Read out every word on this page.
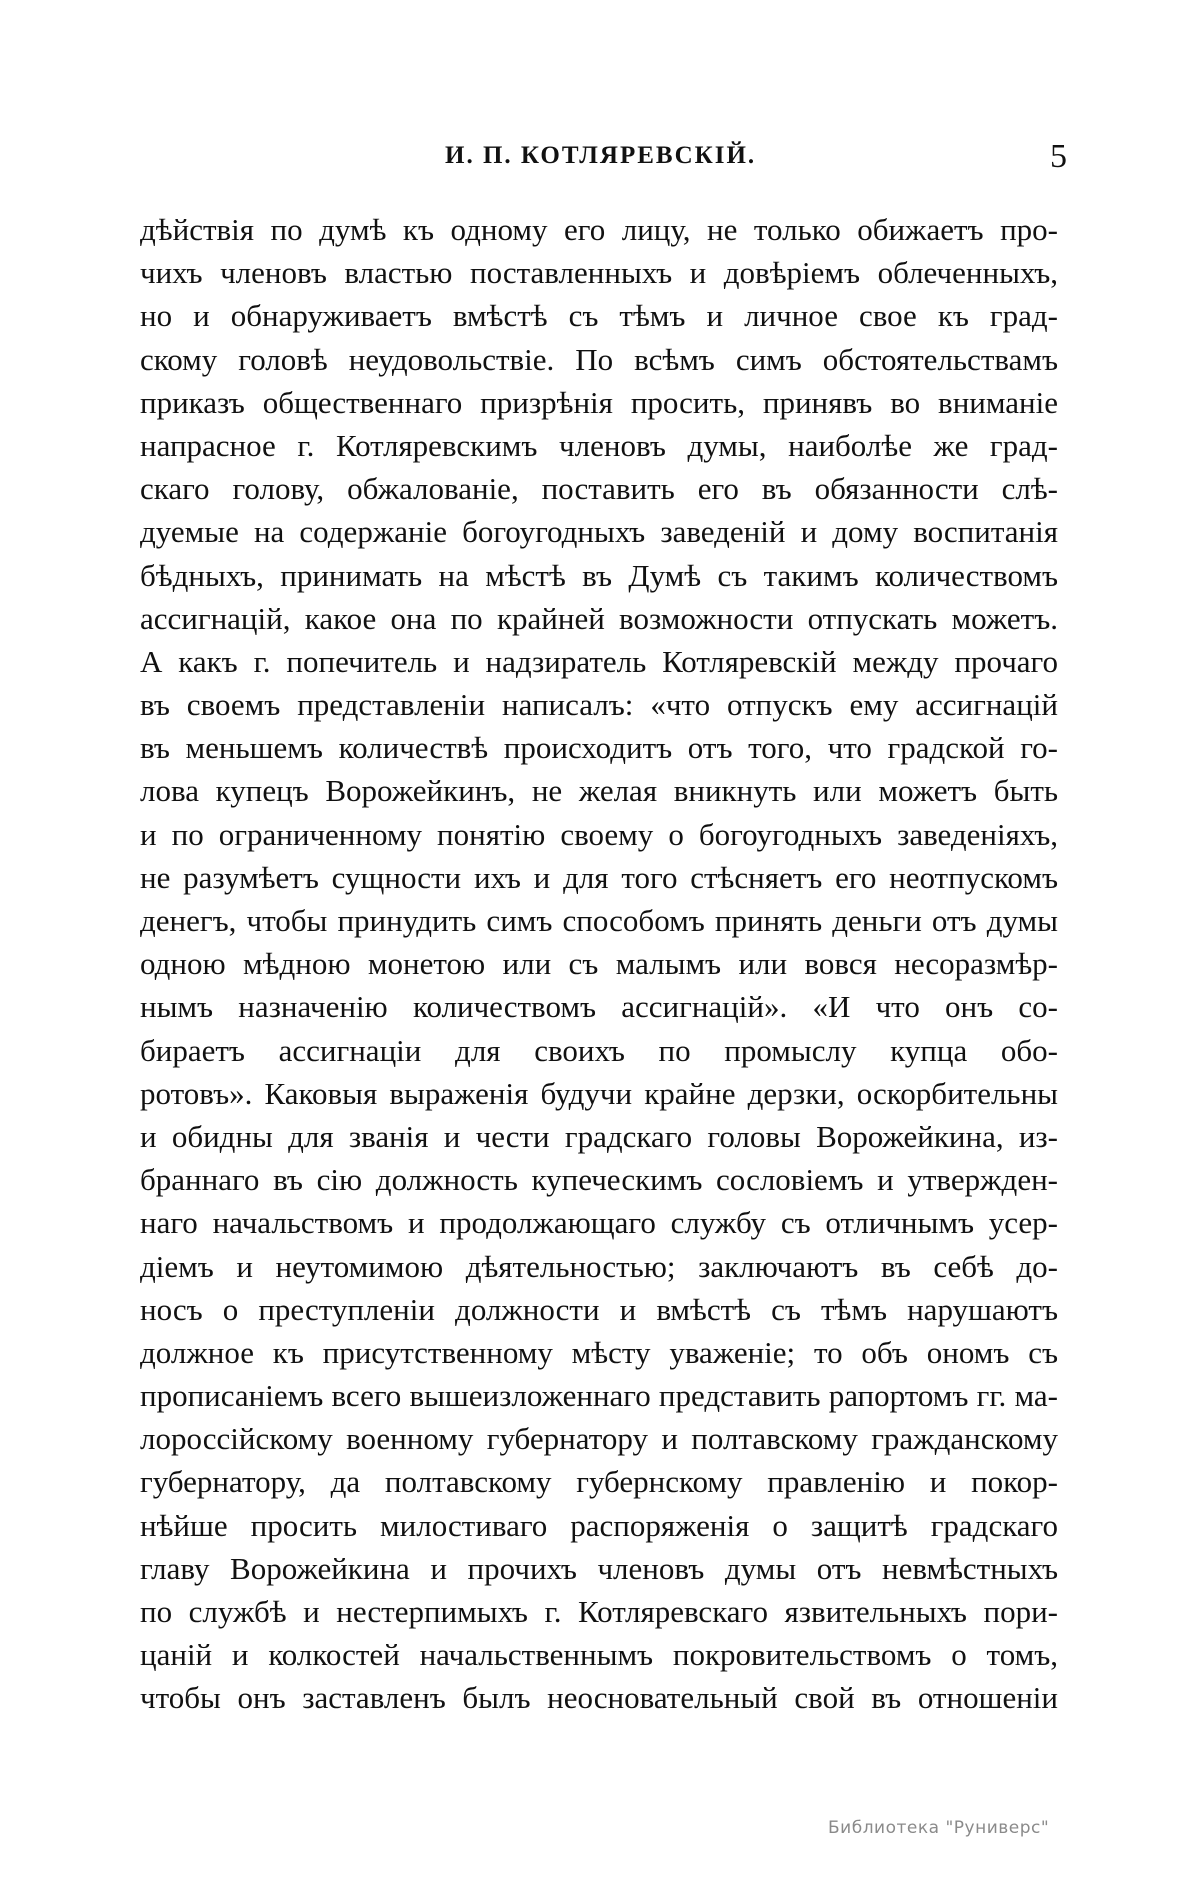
И. П. КОТЛЯРЕВСКІЙ.	5
дѣйствія по думѣ къ одному его лицу, не только обижаетъ про-
чихъ членовъ властью поставленныхъ и довѣріемъ облеченныхъ,
но и обнаруживаетъ вмѣстѣ съ тѣмъ и личное свое къ град-
скому головѣ неудовольствіе. По всѣмъ симъ обстоятельствамъ
приказъ общественнаго призрѣнія просить, принявъ во вниманіе
напрасное г. Котляревскимъ членовъ думы, наиболѣе же град-
скаго голову, обжалованіе, поставить его въ обязанности слѣ-
дуемые на содержаніе богоугодныхъ заведеній и дому воспитанія
бѣдныхъ, принимать на мѣстѣ въ Думѣ съ такимъ количествомъ
ассигнацій, какое она по крайней возможности отпускать можетъ.
А какъ г. попечитель и надзиратель Котляревскій между прочаго
въ своемъ представленіи написалъ: «что отпускъ ему ассигнацій
въ меньшемъ количествѣ происходитъ отъ того, что градской го-
лова купецъ Ворожейкинъ, не желая вникнуть или можетъ быть
и по ограниченному понятію своему о богоугодныхъ заведеніяхъ,
не разумѣетъ сущности ихъ и для того стѣсняетъ его неотпускомъ
денегъ, чтобы принудить симъ способомъ принять деньги отъ думы
одною мѣдною монетою или съ малымъ или вовся несоразмѣр-
нымъ назначенію количествомъ ассигнацій». «И что онъ со-
бираетъ ассигнаціи для своихъ по промыслу купца обо-
ротовъ». Каковыя выраженія будучи крайне дерзки, оскорбительны
и обидны для званія и чести градскаго головы Ворожейкина, из-
браннаго въ сію должность купеческимъ сословіемъ и утвержден-
наго начальствомъ и продолжающаго службу съ отличнымъ усер-
діемъ и неутомимою дѣятельностью; заключаютъ въ себѣ до-
носъ о преступленіи должности и вмѣстѣ съ тѣмъ нарушаютъ
должное къ присутственному мѣсту уваженіе; то объ ономъ съ
прописаніемъ всего вышеизложеннаго представить рапортомъ гг. ма-
лороссійскому военному губернатору и полтавскому гражданскому
губернатору, да полтавскому губернскому правленію и покор-
нѣйше просить милостиваго распоряженія о защитѣ градскаго
главу Ворожейкина и прочихъ членовъ думы отъ невмѣстныхъ
по службѣ и нестерпимыхъ г. Котляревскаго язвительныхъ пори-
цаній и колкостей начальственнымъ покровительствомъ о томъ,
чтобы онъ заставленъ былъ неосновательный свой въ отношеніи
Библиотека "Руниверс"
